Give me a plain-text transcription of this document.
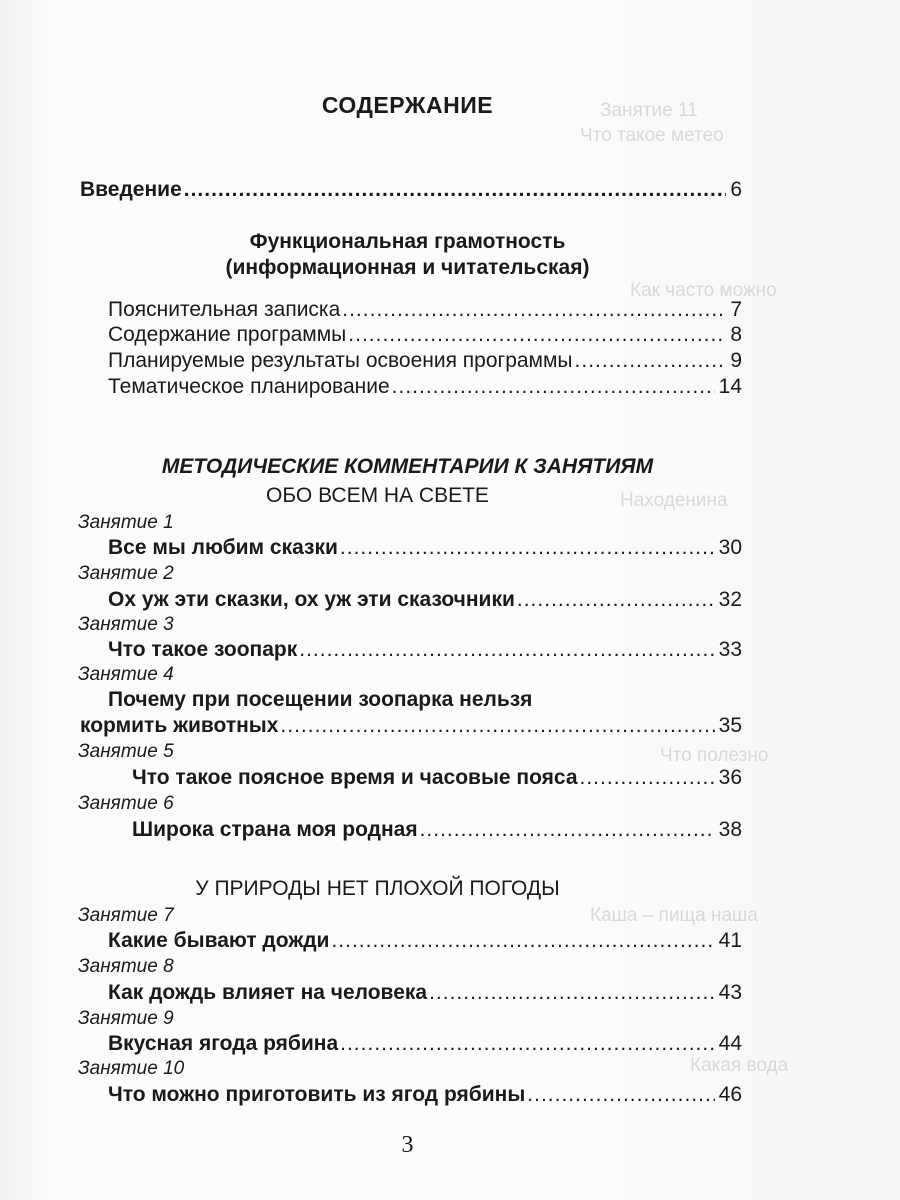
Занятие 11
Что такое метео
Как часто можно
Находенина
Что полезно
Каша – пища наша
Какая вода
СОДЕРЖАНИЕ
Введение .....	6
Функциональная грамотность
(информационная и читательская)
Пояснительная записка .....	7
Содержание программы .....	8
Планируемые результаты освоения программы .....	9
Тематическое планирование .....	14
МЕТОДИЧЕСКИЕ КОММЕНТАРИИ К ЗАНЯТИЯМ
ОБО ВСЕМ НА СВЕТЕ
Занятие 1
Все мы любим сказки .....	30
Занятие 2
Ох уж эти сказки, ох уж эти сказочники .....	32
Занятие 3
Что такое зоопарк .....	33
Занятие 4
Почему при посещении зоопарка нельзя
кормить животных .....	35
Занятие 5
Что такое поясное время и часовые пояса .....	36
Занятие 6
Широка страна моя родная .....	38
У ПРИРОДЫ НЕТ ПЛОХОЙ ПОГОДЫ
Занятие 7
Какие бывают дожди .....	41
Занятие 8
Как дождь влияет на человека .....	43
Занятие 9
Вкусная ягода рябина .....	44
Занятие 10
Что можно приготовить из ягод рябины .....	46
3
